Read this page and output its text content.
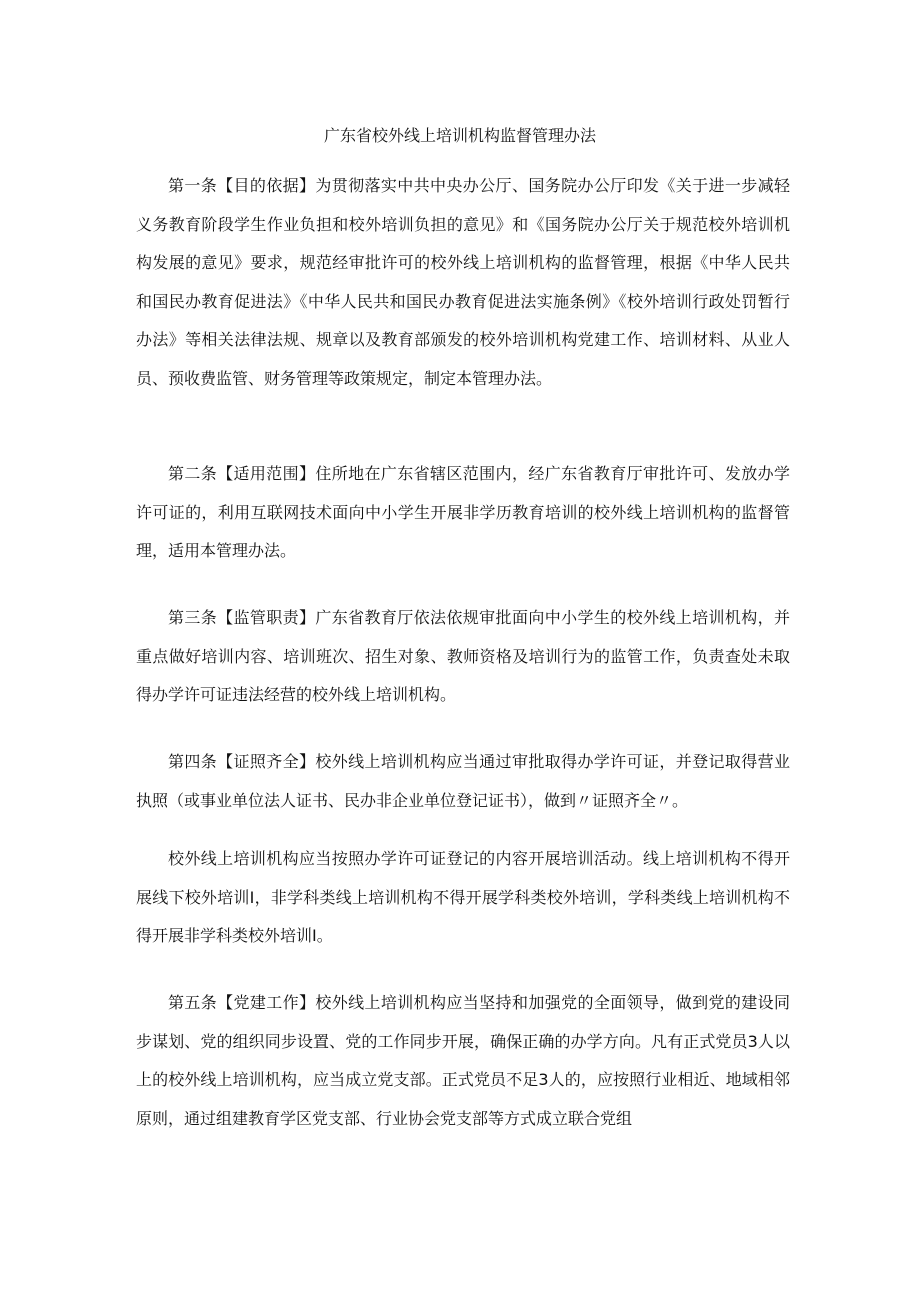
广东省校外线上培训机构监督管理办法

第一条【目的依据】为贯彻落实中共中央办公厅、国务院办公厅印发《关于进一步减轻义务教育阶段学生作业负担和校外培训负担的意见》和《国务院办公厅关于规范校外培训机构发展的意见》要求，规范经审批许可的校外线上培训机构的监督管理，根据《中华人民共和国民办教育促进法》《中华人民共和国民办教育促进法实施条例》《校外培训行政处罚暂行办法》等相关法律法规、规章以及教育部颁发的校外培训机构党建工作、培训材料、从业人员、预收费监管、财务管理等政策规定，制定本管理办法。

第二条【适用范围】住所地在广东省辖区范围内，经广东省教育厅审批许可、发放办学许可证的，利用互联网技术面向中小学生开展非学历教育培训的校外线上培训机构的监督管理，适用本管理办法。

第三条【监管职责】广东省教育厅依法依规审批面向中小学生的校外线上培训机构，并重点做好培训内容、培训班次、招生对象、教师资格及培训行为的监管工作，负责查处未取得办学许可证违法经营的校外线上培训机构。

第四条【证照齐全】校外线上培训机构应当通过审批取得办学许可证，并登记取得营业执照（或事业单位法人证书、民办非企业单位登记证书），做到〃证照齐全〃。

校外线上培训机构应当按照办学许可证登记的内容开展培训活动。线上培训机构不得开展线下校外培训Ⅰ，非学科类线上培训机构不得开展学科类校外培训，学科类线上培训机构不得开展非学科类校外培训Ⅰ。

第五条【党建工作】校外线上培训机构应当坚持和加强党的全面领导，做到党的建设同步谋划、党的组织同步设置、党的工作同步开展，确保正确的办学方向。凡有正式党员3人以上的校外线上培训机构，应当成立党支部。正式党员不足3人的，应按照行业相近、地域相邻原则，通过组建教育学区党支部、行业协会党支部等方式成立联合党组
